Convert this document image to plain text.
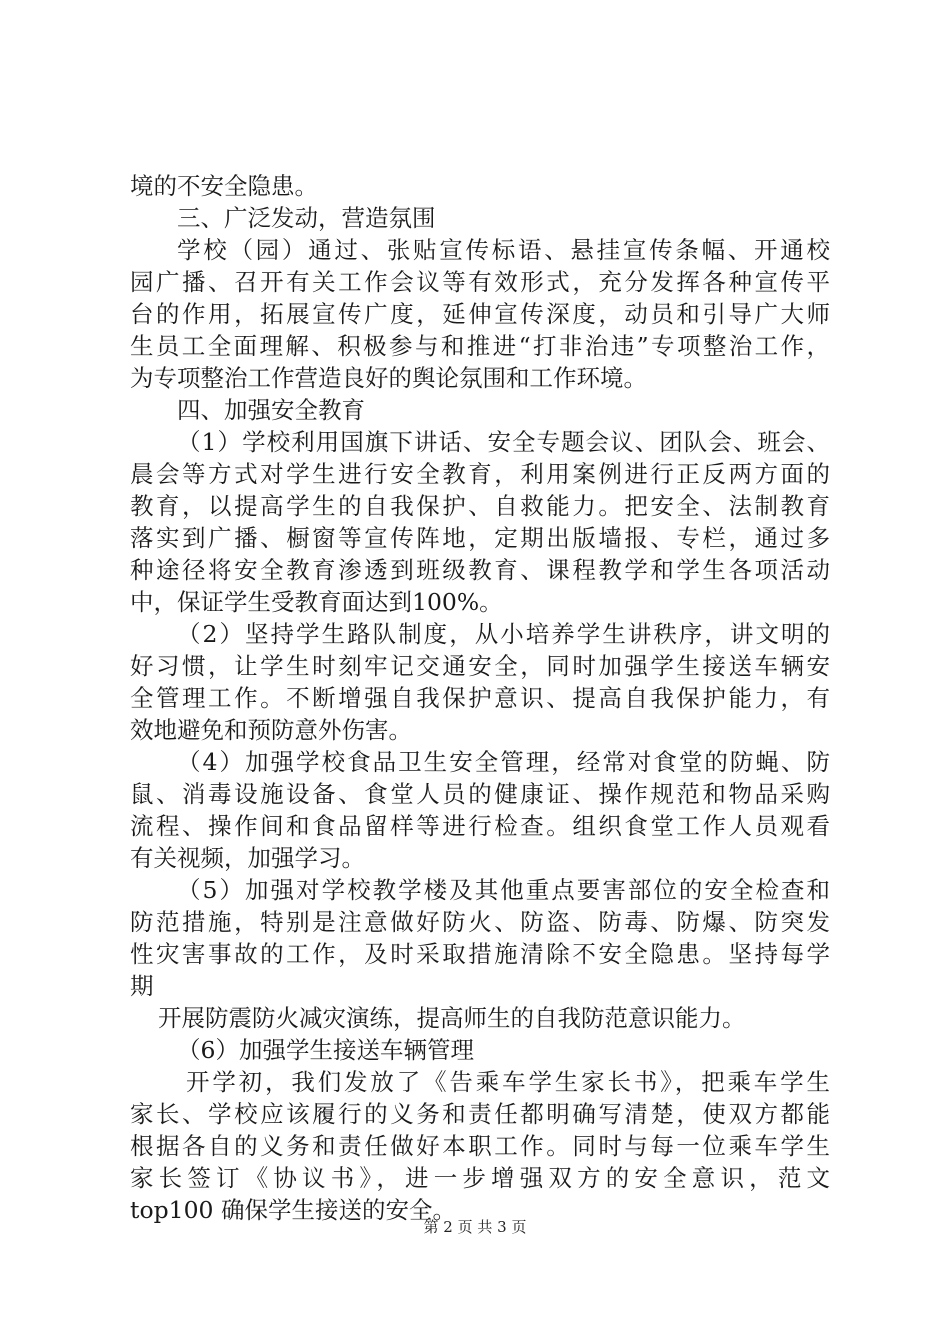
境的不安全隐患。
三、广泛发动，营造氛围
学校（园）通过、张贴宣传标语、悬挂宣传条幅、开通校
园广播、召开有关工作会议等有效形式，充分发挥各种宣传平
台的作用，拓展宣传广度，延伸宣传深度，动员和引导广大师
生员工全面理解、积极参与和推进“打非治违”专项整治工作，
为专项整治工作营造良好的舆论氛围和工作环境。
四、加强安全教育
（1）学校利用国旗下讲话、安全专题会议、团队会、班会、
晨会等方式对学生进行安全教育，利用案例进行正反两方面的
教育，以提高学生的自我保护、自救能力。把安全、法制教育
落实到广播、橱窗等宣传阵地，定期出版墙报、专栏，通过多
种途径将安全教育渗透到班级教育、课程教学和学生各项活动
中，保证学生受教育面达到100%。
（2）坚持学生路队制度，从小培养学生讲秩序，讲文明的
好习惯，让学生时刻牢记交通安全，同时加强学生接送车辆安
全管理工作。不断增强自我保护意识、提高自我保护能力，有
效地避免和预防意外伤害。
（4）加强学校食品卫生安全管理，经常对食堂的防蝇、防
鼠、消毒设施设备、食堂人员的健康证、操作规范和物品采购
流程、操作间和食品留样等进行检查。组织食堂工作人员观看
有关视频，加强学习。
（5）加强对学校教学楼及其他重点要害部位的安全检查和
防范措施，特别是注意做好防火、防盗、防毒、防爆、防突发
性灾害事故的工作，及时采取措施清除不安全隐患。坚持每学
期
开展防震防火减灾演练，提高师生的自我防范意识能力。
（6）加强学生接送车辆管理
开学初，我们发放了《告乘车学生家长书》，把乘车学生
家长、学校应该履行的义务和责任都明确写清楚，使双方都能
根据各自的义务和责任做好本职工作。同时与每一位乘车学生
家长签订《协议书》，进一步增强双方的安全意识，范文
top100 确保学生接送的安全。
第 2 页 共 3 页
